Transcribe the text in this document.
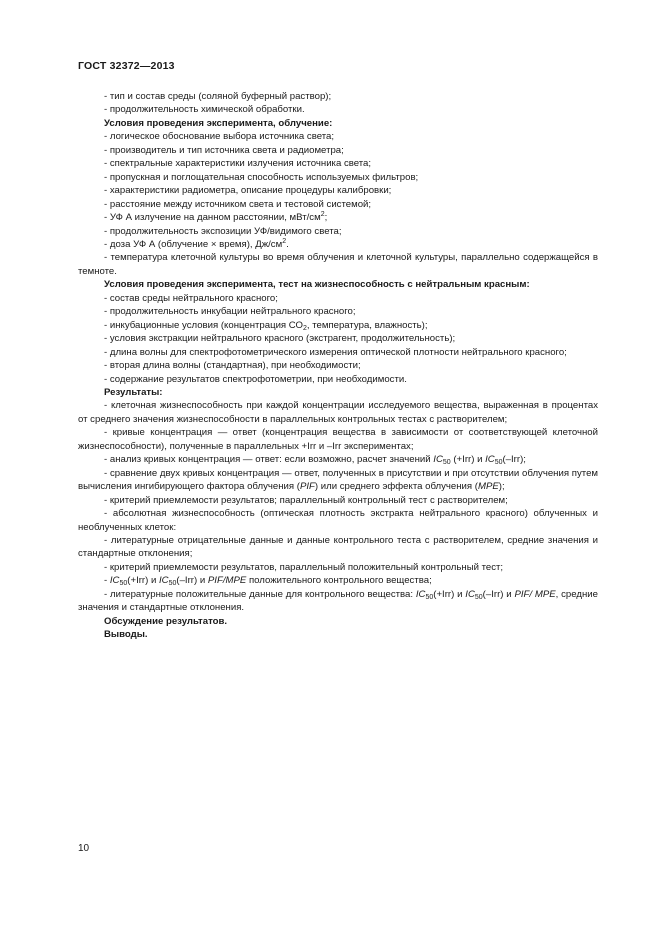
ГОСТ 32372—2013

- тип и состав среды (соляной буферный раствор);

- продолжительность химической обработки.

Условия проведения эксперимента, облучение:

- логическое обоснование выбора источника света;

- производитель и тип источника света и радиометра;

- спектральные характеристики излучения источника света;

- пропускная и поглощательная способность используемых фильтров;

- характеристики радиометра, описание процедуры калибровки;

- расстояние между источником света и тестовой системой;

- УФ А излучение на данном расстоянии, мВт/$см^2$;

- продолжительность экспозиции УФ/видимого света;

- доза УФ А (облучение × время), $Дж/см^2$.

- температура клеточной культуры во время облучения и клеточной культуры, параллельно содержащейся в темноте.

Условия проведения эксперимента, тест на жизнеспособность с нейтральным красным:

- состав среды нейтрального красного;

- продолжительность инкубации нейтрального красного;

- инкубационные условия (концентрация $СО_2$, температура, влажность);

- условия экстракции нейтрального красного (экстрагент, продолжительность);

- длина волны для спектрофотометрического измерения оптической плотности нейтрального красного;

- вторая длина волны (стандартная), при необходимости;

- содержание результатов спектрофотометрии, при необходимости.

Результаты:

- клеточная жизнеспособность при каждой концентрации исследуемого вещества, выраженная в процентах от среднего значения жизнеспособности в параллельных контрольных тестах с растворителем;

- кривые концентрация — ответ (концентрация вещества в зависимости от соответствующей клеточной жизнеспособности), полученные в параллельных +Irr и –Irr экспериментах;

- анализ кривых концентрация — ответ: если возможно, расчет значений $IC_{50}$ (+Irr) и $IC_{50}(-Irr)$;

- сравнение двух кривых концентрация — ответ, полученных в присутствии и при отсутствии облучения путем вычисления ингибирующего фактора облучения (PIF) или среднего эффекта облучения (MPE);

- критерий приемлемости результатов; параллельный контрольный тест с растворителем;

- абсолютная жизнеспособность (оптическая плотность экстракта нейтрального красного) облученных и необлученных клеток:

- литературные отрицательные данные и данные контрольного теста с растворителем, средние значения и стандартные отклонения;

- критерий приемлемости результатов, параллельный положительный контрольный тест;

- $IC_{50}(+Irr)$ и $IC_{50}(-Irr)$ и PIF/MPE положительного контрольного вещества;

- литературные положительные данные для контрольного вещества: $IC_{50}(+Irr)$ и $IC_{50}(-Irr)$ и PIF/ MPE, средние значения и стандартные отклонения.

Обсуждение результатов.

Выводы.

10
